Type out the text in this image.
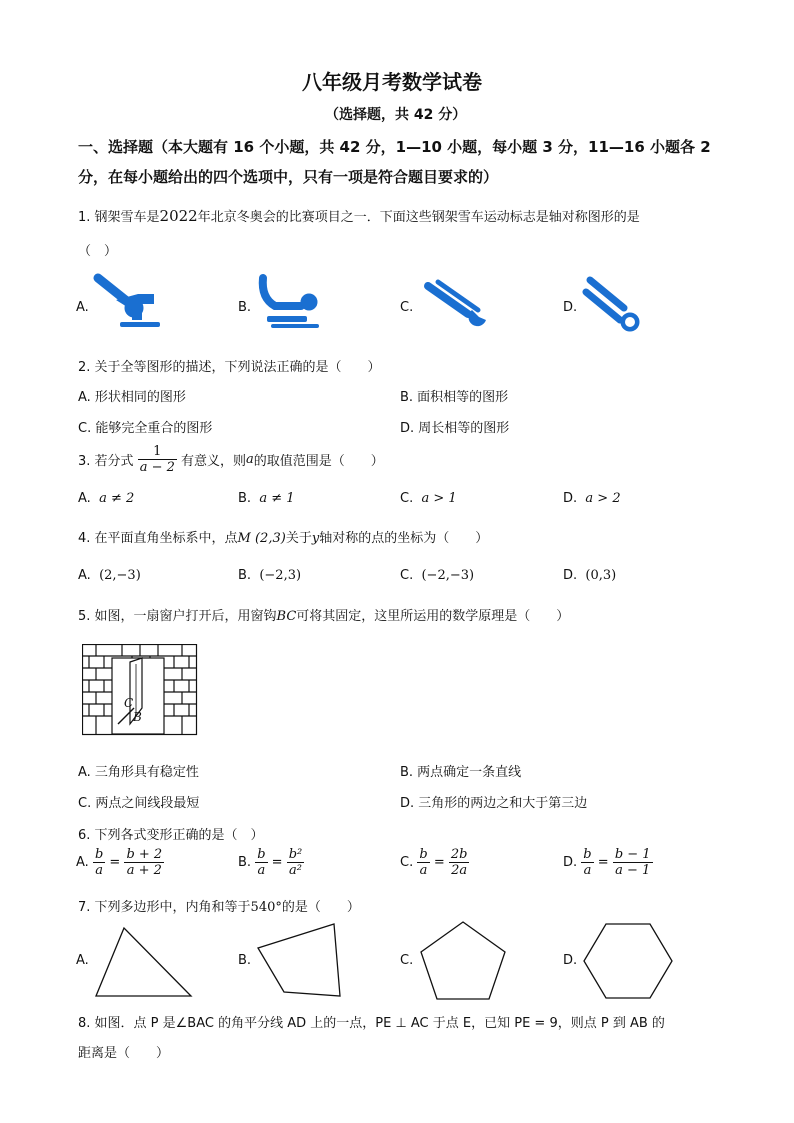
八年级月考数学试卷
（选择题，共 42 分）
一、选择题（本大题有 16 个小题，共 42 分，1—10 小题，每小题 3 分，11—16 小题各 2
分，在每小题给出的四个选项中，只有一项是符合题目要求的）
1. 钢架雪车是2022年北京冬奥会的比赛项目之一．下面这些钢架雪车运动标志是轴对称图形的是
（　）
A.	B.	C.	D.
2. 关于全等图形的描述，下列说法正确的是（　　）
A. 形状相同的图形	B. 面积相等的图形
C. 能够完全重合的图形	D. 周长相等的图形
3. 若分式 $\frac{1}{a - 2}$ 有意义，则a的取值范围是（　　）
A. a ≠ 2	B. a ≠ 1	C. a > 1	D. a > 2
4. 在平面直角坐标系中，点M (2,3)关于y轴对称的点的坐标为（　　）
A. (2,−3)	B. (−2,3)	C. (−2,−3)	D. (0,3)
5. 如图，一扇窗户打开后，用窗钩BC可将其固定，这里所运用的数学原理是（　　）
C
B
A. 三角形具有稳定性	B. 两点确定一条直线
C. 两点之间线段最短	D. 三角形的两边之和大于第三边
6. 下列各式变形正确的是（　）
A. $\frac{b}{a} = \frac{b + 2}{a + 2}$	B. $\frac{b}{a} = \frac{\text{b²}}{\text{a²}}$	C. $\frac{b}{a} = \frac{2b}{2a}$	D. $\frac{b}{a} = \frac{b - 1}{a - 1}$
7. 下列多边形中，内角和等于540°的是（　　）
A.	B.	C.	D.
8. 如图．点 P 是∠BAC 的角平分线 AD 上的一点，PE ⊥ AC 于点 E，已知 PE = 9，则点 P 到 AB 的
距离是（　　）
